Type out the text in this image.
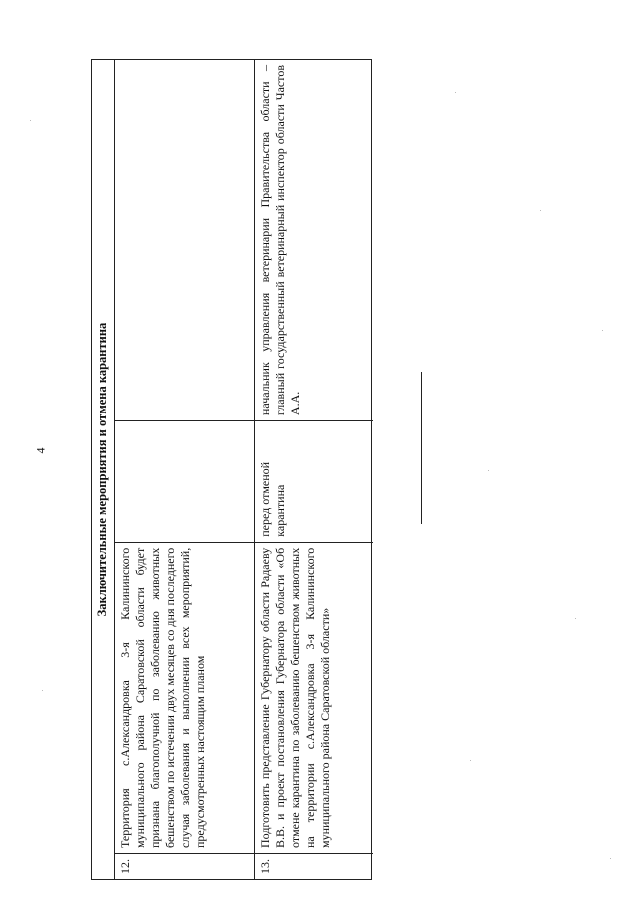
4	Заключительные мероприятия и отмена карантина
12.
Территория с.Александровка 3-я Калининского муниципального района Саратовской области будет признана благополучной по заболеванию животных бешенством по истечении двух месяцев со дня последнего случая заболевания и выполнении всех мероприятий, предусмотренных настоящим планом
13.
Подготовить представление Губернатору области Радаеву В.В. и проект постановления Губернатора области «Об отмене карантина по заболеванию бешенством животных на территории с.Александровка 3-я Калининского муниципального района Саратовской области»
перед отменой карантина
начальник управления ветеринарии Правительства области – главный государственный ветеринарный инспектор области Частов А.А.
